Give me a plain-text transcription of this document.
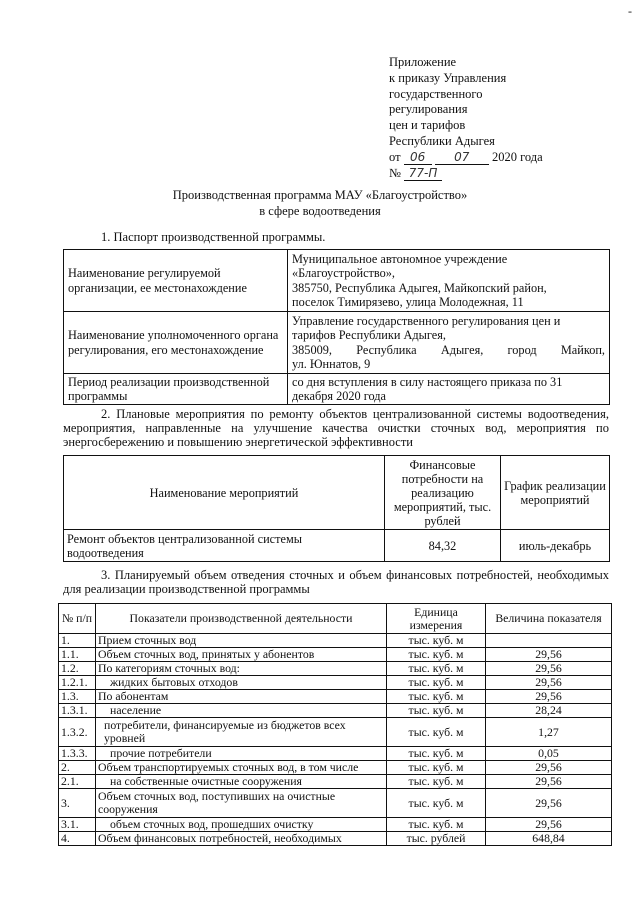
-
Приложение
к приказу Управления
государственного
регулирования
цен и тарифов
Республики Адыгея
от 06 07 2020 года
№ 77-П
Производственная программа МАУ «Благоустройство»
в сфере водоотведения
1. Паспорт производственной программы.
Наименование регулируемой организации, ее местонахождение	Муниципальное автономное учреждение «Благоустройство»,
385750, Республика Адыгея, Майкопский район,
поселок Тимирязево, улица Молодежная, 11

Наименование уполномоченного органа регулирования, его местонахождение	Управление государственного регулирования цен и тарифов Республики Адыгея,
385009, Республика Адыгея, город Майкоп,
ул. Юннатов, 9

Период реализации производственной программы	со дня вступления в силу настоящего приказа по 31 декабря 2020 года
2. Плановые мероприятия по ремонту объектов централизованной системы водоотведения, мероприятия, направленные на улучшение качества очистки сточных вод, мероприятия по энергосбережению и повышению энергетической эффективности
Наименование мероприятий	Финансовые потребности на реализацию мероприятий, тыс. рублей	График реализации мероприятий
Ремонт объектов централизованной системы водоотведения	84,32	июль-декабрь
3. Планируемый объем отведения сточных и объем финансовых потребностей, необходимых для реализации производственной программы
№ п/п	Показатели производственной деятельности	Единица измерения	Величина показателя
1.	Прием сточных вод	тыс. куб. м	
1.1.	Объем сточных вод, принятых у абонентов	тыс. куб. м	29,56
1.2.	По категориям сточных вод:	тыс. куб. м	29,56
1.2.1.	жидких бытовых отходов	тыс. куб. м	29,56
1.3.	По абонентам	тыс. куб. м	29,56
1.3.1.	население	тыс. куб. м	28,24
1.3.2.	потребители, финансируемые из бюджетов всех уровней	тыс. куб. м	1,27
1.3.3.	прочие потребители	тыс. куб. м	0,05
2.	Объем транспортируемых сточных вод, в том числе	тыс. куб. м	29,56
2.1.	на собственные очистные сооружения	тыс. куб. м	29,56
3.	Объем сточных вод, поступивших на очистные сооружения	тыс. куб. м	29,56
3.1.	объем сточных вод, прошедших очистку	тыс. куб. м	29,56
4.	Объем финансовых потребностей, необходимых	тыс. рублей	648,84
